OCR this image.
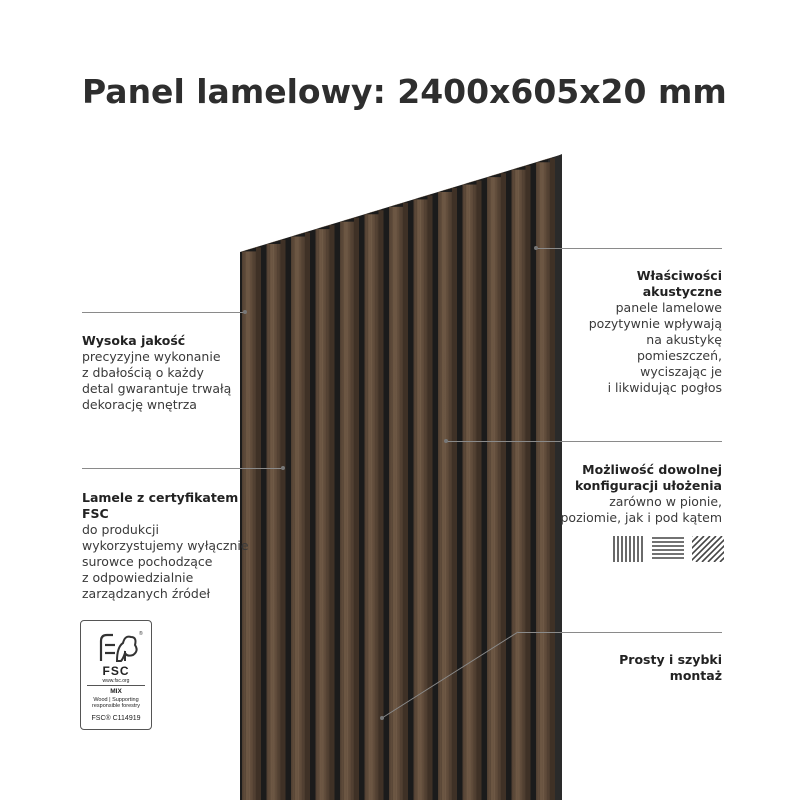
Panel lamelowy: 2400x605x20 mm
Wysoka jakość
precyzyjne wykonanie
z dbałością o każdy
detal gwarantuje trwałą
dekorację wnętrza
Lamele z certyfikatem
FSC
do produkcji
wykorzystujemy wyłącznie
surowce pochodzące
z odpowiedzialnie
zarządzanych źródeł
®
FSC
www.fsc.org
MIX
Wood | Supporting
responsible forestry
FSC® C114919
Właściwości
akustyczne
panele lamelowe
pozytywnie wpływają
na akustykę
pomieszczeń,
wyciszając je
i likwidując pogłos
Możliwość dowolnej
konfiguracji ułożenia
zarówno w pionie,
poziomie, jak i pod kątem
Prosty i szybki
montaż
